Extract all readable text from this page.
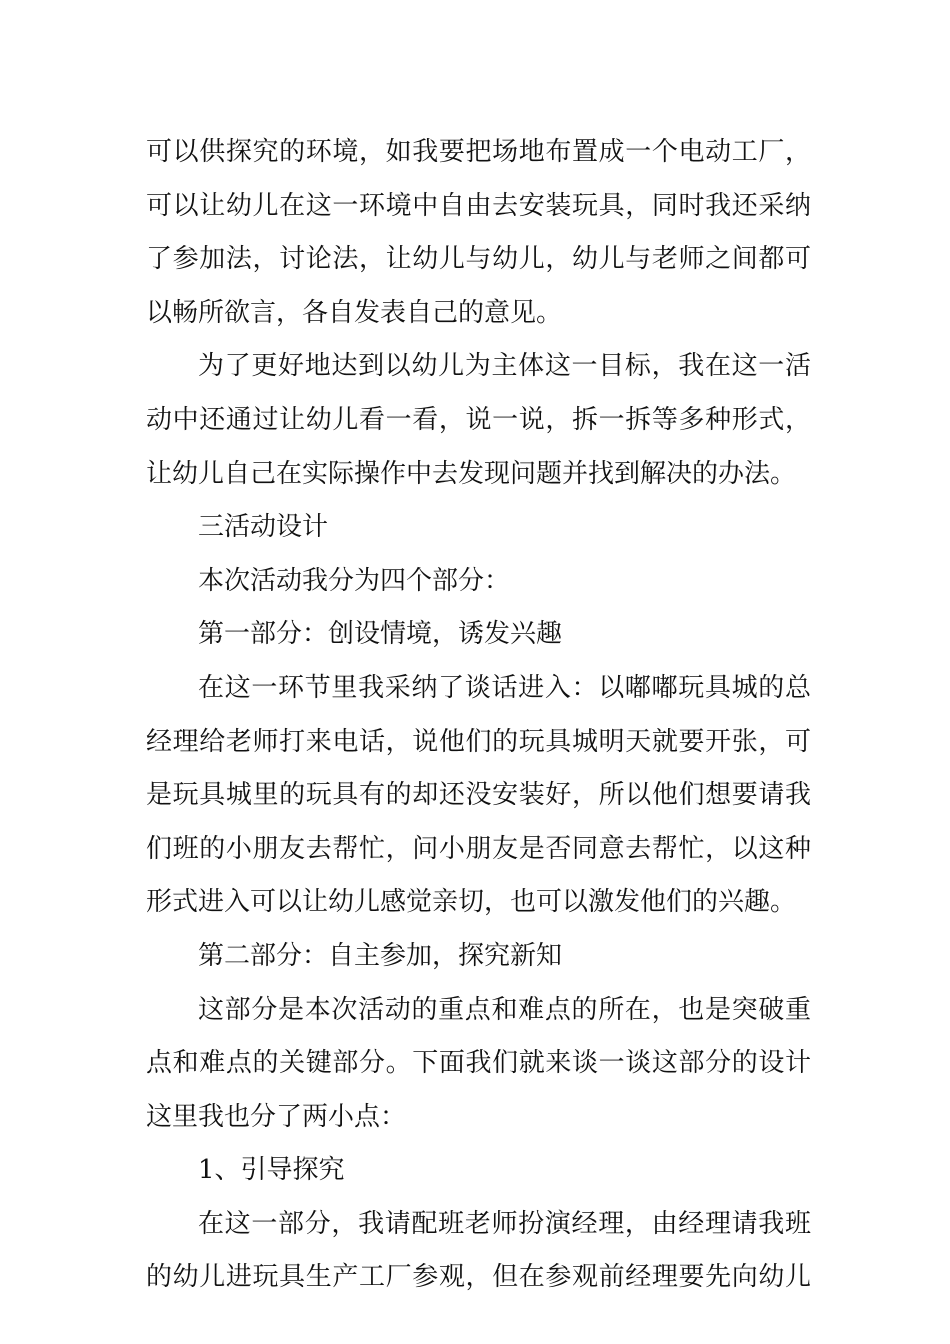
可以供探究的环境，如我要把场地布置成一个电动工厂，
可以让幼儿在这一环境中自由去安装玩具，同时我还采纳
了参加法，讨论法，让幼儿与幼儿，幼儿与老师之间都可
以畅所欲言，各自发表自己的意见。
为了更好地达到以幼儿为主体这一目标，我在这一活
动中还通过让幼儿看一看，说一说，拆一拆等多种形式，
让幼儿自己在实际操作中去发现问题并找到解决的办法。
三活动设计
本次活动我分为四个部分：
第一部分：创设情境，诱发兴趣
在这一环节里我采纳了谈话进入：以嘟嘟玩具城的总
经理给老师打来电话，说他们的玩具城明天就要开张，可
是玩具城里的玩具有的却还没安装好，所以他们想要请我
们班的小朋友去帮忙，问小朋友是否同意去帮忙，以这种
形式进入可以让幼儿感觉亲切，也可以激发他们的兴趣。
第二部分：自主参加，探究新知
这部分是本次活动的重点和难点的所在，也是突破重
点和难点的关键部分。下面我们就来谈一谈这部分的设计
这里我也分了两小点：
1、引导探究
在这一部分，我请配班老师扮演经理，由经理请我班
的幼儿进玩具生产工厂参观，但在参观前经理要先向幼儿
